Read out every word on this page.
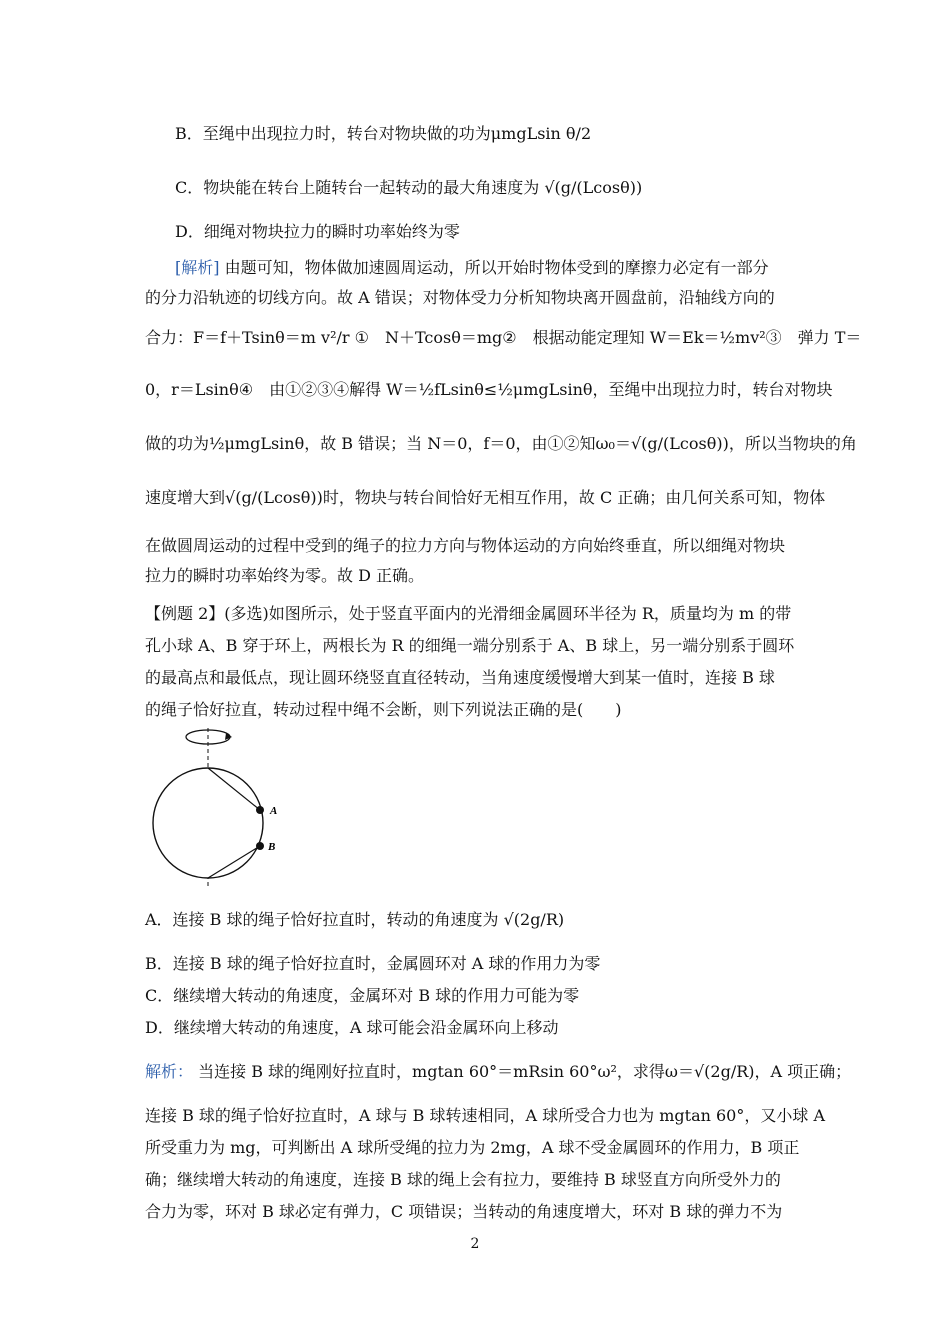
B．至绳中出现拉力时，转台对物块做的功为μmgLsin θ/2
C．物块能在转台上随转台一起转动的最大角速度为 √(g/(Lcosθ))
D．细绳对物块拉力的瞬时功率始终为零
[解析] 由题可知，物体做加速圆周运动，所以开始时物体受到的摩擦力必定有一部分
的分力沿轨迹的切线方向。故 A 错误；对物体受力分析知物块离开圆盘前，沿轴线方向的
合力：F＝f＋Tsinθ＝m v²/r ①　N＋Tcosθ＝mg②　根据动能定理知 W＝Ek＝½mv²③　弹力 T＝
0，r＝Lsinθ④　由①②③④解得 W＝½fLsinθ≤½μmgLsinθ，至绳中出现拉力时，转台对物块
做的功为½μmgLsinθ，故 B 错误；当 N＝0，f＝0，由①②知ω₀＝√(g/(Lcosθ))，所以当物块的角
速度增大到√(g/(Lcosθ))时，物块与转台间恰好无相互作用，故 C 正确；由几何关系可知，物体
在做圆周运动的过程中受到的绳子的拉力方向与物体运动的方向始终垂直，所以细绳对物块
拉力的瞬时功率始终为零。故 D 正确。
【例题 2】(多选)如图所示，处于竖直平面内的光滑细金属圆环半径为 R，质量均为 m 的带
孔小球 A、B 穿于环上，两根长为 R 的细绳一端分别系于 A、B 球上，另一端分别系于圆环
的最高点和最低点，现让圆环绕竖直直径转动，当角速度缓慢增大到某一值时，连接 B 球
的绳子恰好拉直，转动过程中绳不会断，则下列说法正确的是(　　)
A
B
A．连接 B 球的绳子恰好拉直时，转动的角速度为 √(2g/R)
B．连接 B 球的绳子恰好拉直时，金属圆环对 A 球的作用力为零
C．继续增大转动的角速度，金属环对 B 球的作用力可能为零
D．继续增大转动的角速度，A 球可能会沿金属环向上移动
解析： 当连接 B 球的绳刚好拉直时，mgtan 60°＝mRsin 60°ω²，求得ω＝√(2g/R)，A 项正确；
连接 B 球的绳子恰好拉直时，A 球与 B 球转速相同，A 球所受合力也为 mgtan 60°，又小球 A
所受重力为 mg，可判断出 A 球所受绳的拉力为 2mg，A 球不受金属圆环的作用力，B 项正
确；继续增大转动的角速度，连接 B 球的绳上会有拉力，要维持 B 球竖直方向所受外力的
合力为零，环对 B 球必定有弹力，C 项错误；当转动的角速度增大，环对 B 球的弹力不为
2
